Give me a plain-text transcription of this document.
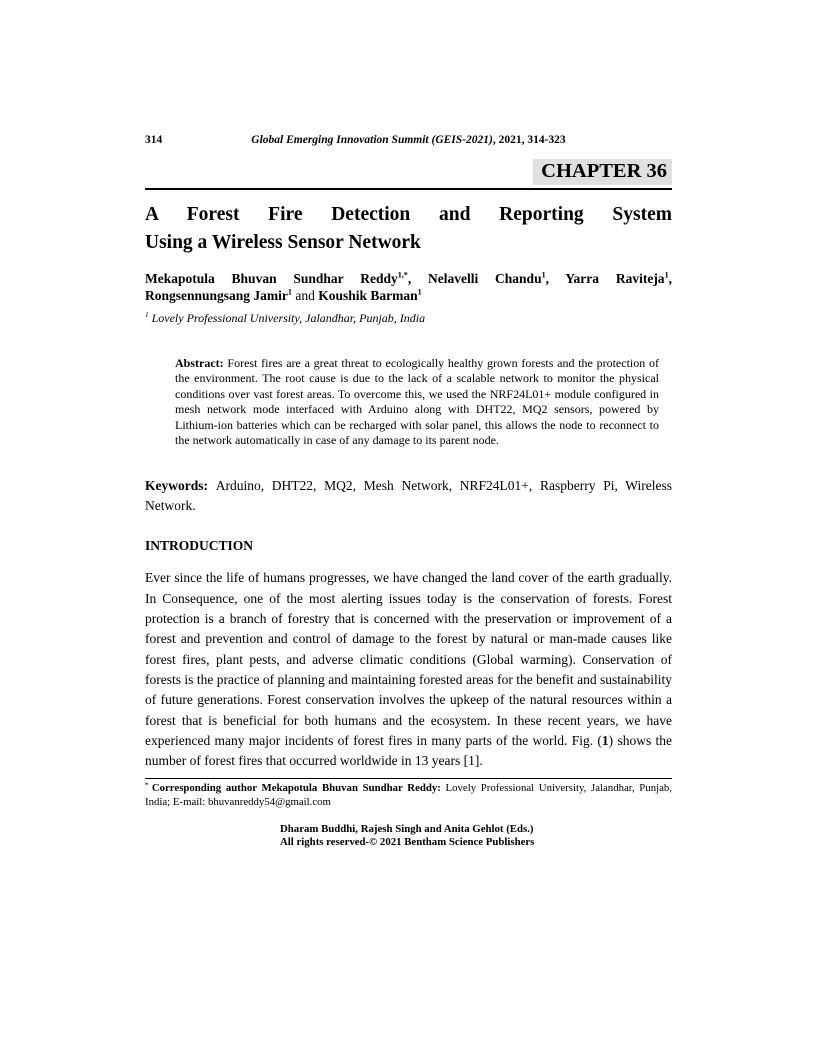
314	Global Emerging Innovation Summit (GEIS-2021), 2021, 314-323
CHAPTER 36
A Forest Fire Detection and Reporting System
Using a Wireless Sensor Network
Mekapotula Bhuvan Sundhar Reddy$^{1,*}$, Nelavelli Chandu$^1$, Yarra Raviteja$^1$, Rongsennungsang Jamir$^1$ and Koushik Barman$^1$
$^1$ Lovely Professional University, Jalandhar, Punjab, India
Abstract: Forest fires are a great threat to ecologically healthy grown forests and the protection of the environment. The root cause is due to the lack of a scalable network to monitor the physical conditions over vast forest areas. To overcome this, we used the NRF24L01+ module configured in mesh network mode interfaced with Arduino along with DHT22, MQ2 sensors, powered by Lithium-ion batteries which can be recharged with solar panel, this allows the node to reconnect to the network automatically in case of any damage to its parent node.
Keywords: Arduino, DHT22, MQ2, Mesh Network, NRF24L01+, Raspberry Pi, Wireless Network.
INTRODUCTION
Ever since the life of humans progresses, we have changed the land cover of the earth gradually. In Consequence, one of the most alerting issues today is the conservation of forests. Forest protection is a branch of forestry that is concerned with the preservation or improvement of a forest and prevention and control of damage to the forest by natural or man-made causes like forest fires, plant pests, and adverse climatic conditions (Global warming). Conservation of forests is the practice of planning and maintaining forested areas for the benefit and sustainability of future generations. Forest conservation involves the upkeep of the natural resources within a forest that is beneficial for both humans and the ecosystem. In these recent years, we have experienced many major incidents of forest fires in many parts of the world. Fig. (1) shows the number of forest fires that occurred worldwide in 13 years [1].
* Corresponding author Mekapotula Bhuvan Sundhar Reddy: Lovely Professional University, Jalandhar, Punjab, India; E-mail: bhuvanreddy54@gmail.com
Dharam Buddhi, Rajesh Singh and Anita Gehlot (Eds.)
All rights reserved-© 2021 Bentham Science Publishers
